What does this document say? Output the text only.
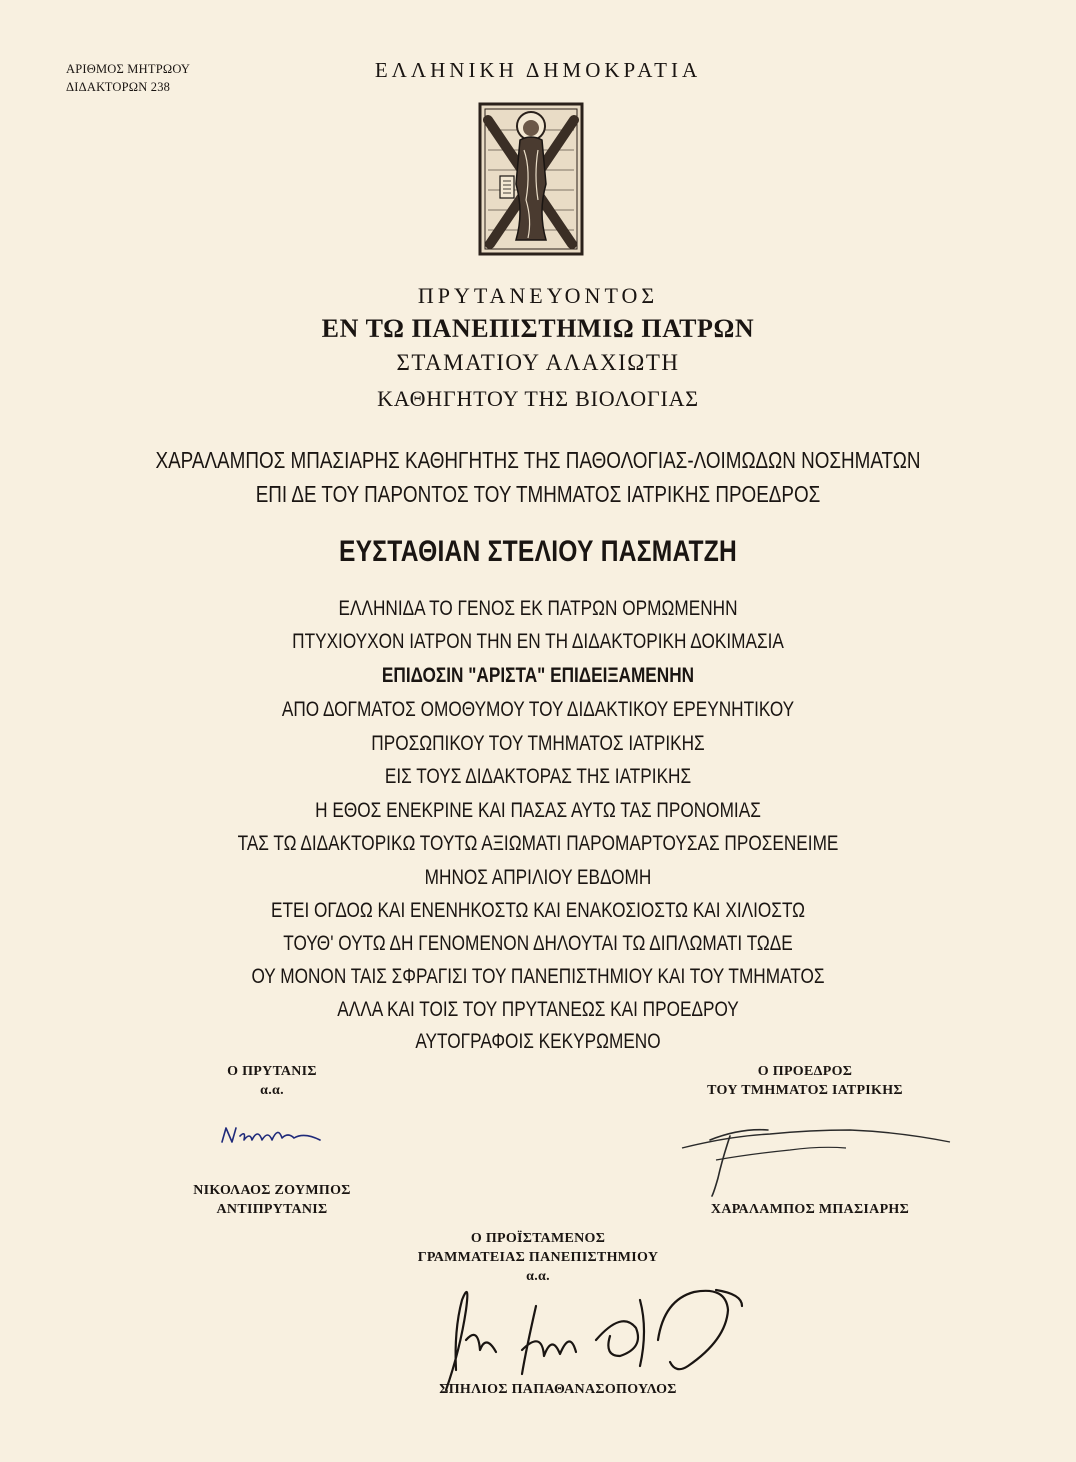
ΑΡΙΘΜΟΣ ΜΗΤΡΩΟΥ
ΔΙΔΑΚΤΟΡΩΝ 238
ΕΛΛΗΝΙΚΗ ΔΗΜΟΚΡΑΤΙΑ
ΠΡΥΤΑΝΕΥΟΝΤΟΣ
ΕΝ ΤΩ ΠΑΝΕΠΙΣΤΗΜΙΩ ΠΑΤΡΩΝ
ΣΤΑΜΑΤΙΟΥ ΑΛΑΧΙΩΤΗ
ΚΑΘΗΓΗΤΟΥ ΤΗΣ ΒΙΟΛΟΓΙΑΣ
ΧΑΡΑΛΑΜΠΟΣ ΜΠΑΣΙΑΡΗΣ ΚΑΘΗΓΗΤΗΣ ΤΗΣ ΠΑΘΟΛΟΓΙΑΣ-ΛΟΙΜΩΔΩΝ ΝΟΣΗΜΑΤΩΝ
ΕΠΙ ΔΕ ΤΟΥ ΠΑΡΟΝΤΟΣ ΤΟΥ ΤΜΗΜΑΤΟΣ ΙΑΤΡΙΚΗΣ ΠΡΟΕΔΡΟΣ
ΕΥΣΤΑΘΙΑΝ ΣΤΕΛΙΟΥ ΠΑΣΜΑΤΖΗ
ΕΛΛΗΝΙΔΑ ΤΟ ΓΕΝΟΣ ΕΚ ΠΑΤΡΩΝ ΟΡΜΩΜΕΝΗΝ
ΠΤΥΧΙΟΥΧΟΝ ΙΑΤΡΟΝ ΤΗΝ ΕΝ ΤΗ ΔΙΔΑΚΤΟΡΙΚΗ ΔΟΚΙΜΑΣΙΑ
ΕΠΙΔΟΣΙΝ "ΑΡΙΣΤΑ" ΕΠΙΔΕΙΞΑΜΕΝΗΝ
ΑΠΟ ΔΟΓΜΑΤΟΣ ΟΜΟΘΥΜΟΥ ΤΟΥ ΔΙΔΑΚΤΙΚΟΥ ΕΡΕΥΝΗΤΙΚΟΥ
ΠΡΟΣΩΠΙΚΟΥ ΤΟΥ ΤΜΗΜΑΤΟΣ ΙΑΤΡΙΚΗΣ
ΕΙΣ ΤΟΥΣ ΔΙΔΑΚΤΟΡΑΣ ΤΗΣ ΙΑΤΡΙΚΗΣ
Η ΕΘΟΣ ΕΝΕΚΡΙΝΕ ΚΑΙ ΠΑΣΑΣ ΑΥΤΩ ΤΑΣ ΠΡΟΝΟΜΙΑΣ
ΤΑΣ ΤΩ ΔΙΔΑΚΤΟΡΙΚΩ ΤΟΥΤΩ ΑΞΙΩΜΑΤΙ ΠΑΡΟΜΑΡΤΟΥΣΑΣ ΠΡΟΣΕΝΕΙΜΕ
ΜΗΝΟΣ ΑΠΡΙΛΙΟΥ ΕΒΔΟΜΗ
ΕΤΕΙ ΟΓΔΟΩ ΚΑΙ ΕΝΕΝΗΚΟΣΤΩ ΚΑΙ ΕΝΑΚΟΣΙΟΣΤΩ ΚΑΙ ΧΙΛΙΟΣΤΩ
ΤΟΥΘ' ΟΥΤΩ ΔΗ ΓΕΝΟΜΕΝΟΝ ΔΗΛΟΥΤΑΙ ΤΩ ΔΙΠΛΩΜΑΤΙ ΤΩΔΕ
ΟΥ ΜΟΝΟΝ ΤΑΙΣ ΣΦΡΑΓΙΣΙ ΤΟΥ ΠΑΝΕΠΙΣΤΗΜΙΟΥ ΚΑΙ ΤΟΥ ΤΜΗΜΑΤΟΣ
ΑΛΛΑ ΚΑΙ ΤΟΙΣ ΤΟΥ ΠΡΥΤΑΝΕΩΣ ΚΑΙ ΠΡΟΕΔΡΟΥ
ΑΥΤΟΓΡΑΦΟΙΣ ΚΕΚΥΡΩΜΕΝΟ
Ο ΠΡΥΤΑΝΙΣ
α.α.
ΝΙΚΟΛΑΟΣ ΖΟΥΜΠΟΣ
ΑΝΤΙΠΡΥΤΑΝΙΣ
Ο ΠΡΟΕΔΡΟΣ
ΤΟΥ ΤΜΗΜΑΤΟΣ ΙΑΤΡΙΚΗΣ
ΧΑΡΑΛΑΜΠΟΣ ΜΠΑΣΙΑΡΗΣ
Ο ΠΡΟΪΣΤΑΜΕΝΟΣ
ΓΡΑΜΜΑΤΕΙΑΣ ΠΑΝΕΠΙΣΤΗΜΙΟΥ
α.α.
ΣΠΗΛΙΟΣ ΠΑΠΑΘΑΝΑΣΟΠΟΥΛΟΣ
